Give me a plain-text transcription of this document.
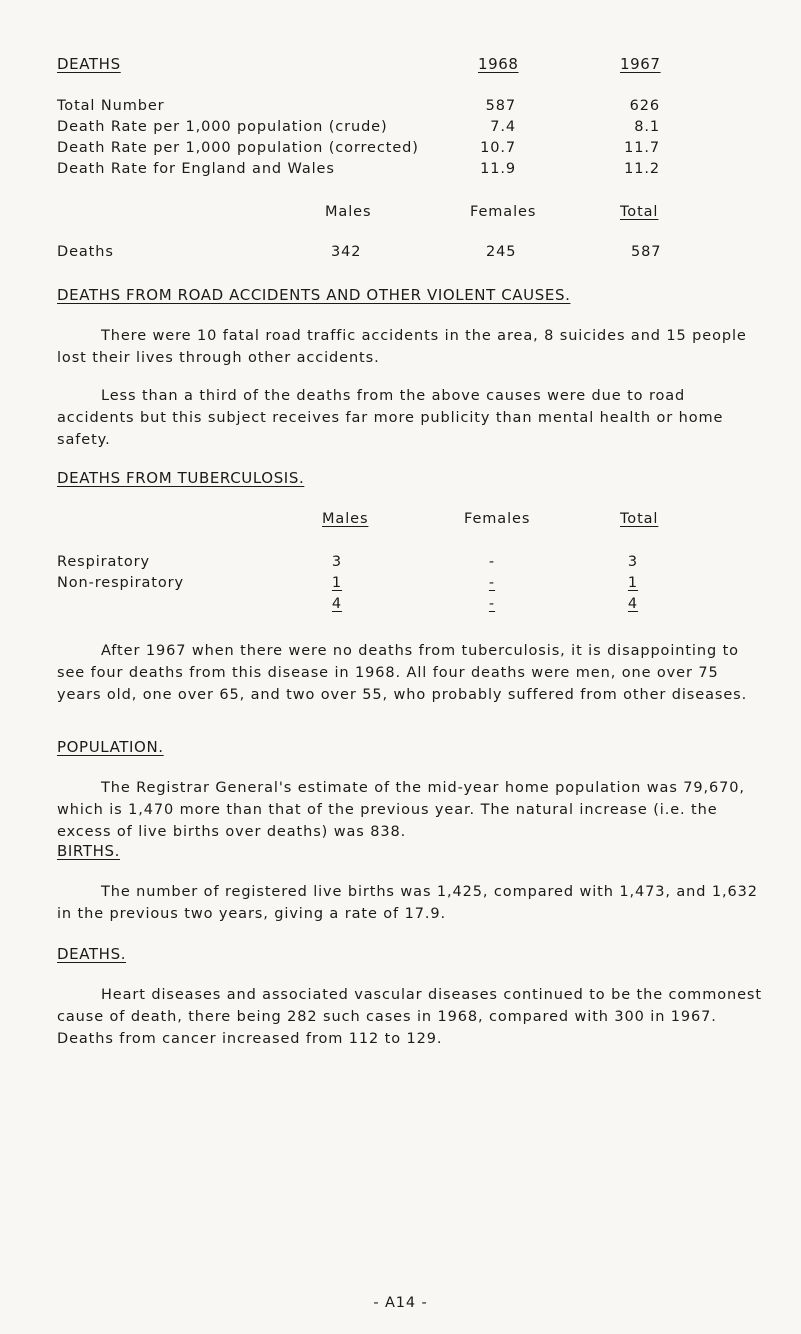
DEATHS	1968	1967
Total Number	587	626
Death Rate per 1,000 population (crude)	7.4	8.1
Death Rate per 1,000 population (corrected)	10.7	11.7
Death Rate for England and Wales	11.9	11.2
Males	Females	Total
Deaths	342	245	587
DEATHS FROM ROAD ACCIDENTS AND OTHER VIOLENT CAUSES.
There were 10 fatal road traffic accidents in the area, 8 suicides and 15 people lost their lives through other accidents.
Less than a third of the deaths from the above causes were due to road accidents but this subject receives far more publicity than mental health or home safety.
DEATHS FROM TUBERCULOSIS.
Males	Females	Total
Respiratory	3	-	3
Non-respiratory	1	-	1
4	-	4
After 1967 when there were no deaths from tuberculosis, it is disappointing to see four deaths from this disease in 1968. All four deaths were men, one over 75 years old, one over 65, and two over 55, who probably suffered from other diseases.
POPULATION.
The Registrar General's estimate of the mid-year home population was 79,670, which is 1,470 more than that of the previous year. The natural increase (i.e. the excess of live births over deaths) was 838.
BIRTHS.
The number of registered live births was 1,425, compared with 1,473, and 1,632 in the previous two years, giving a rate of 17.9.
DEATHS.
Heart diseases and associated vascular diseases continued to be the commonest cause of death, there being 282 such cases in 1968, compared with 300 in 1967. Deaths from cancer increased from 112 to 129.
- A14 -
